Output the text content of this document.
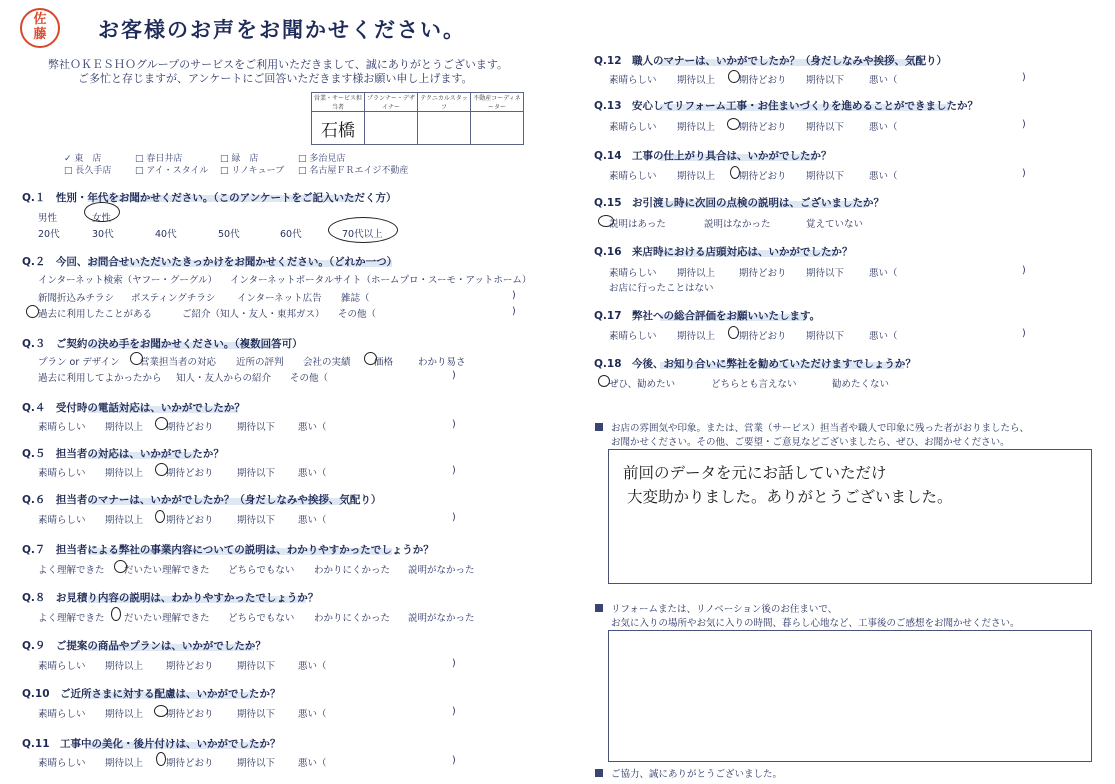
佐藤	お客様のお声をお聞かせください。
弊社ＯＫＥＳＨＯグループのサービスをご利用いただきまして、誠にありがとうございます。
ご多忙と存じますが、アンケートにご回答いただきます様お願い申し上げます。
営業・サービス担当者	プランナー・デザイナー	テクニカルスタッフ	不動産コーディネーター
石橋			
✓ 東　店	□ 春日井店	□ 緑　店	□ 多治見店
□ 長久手店	□ アイ・スタイル □ リノキューブ □ 名古屋ＦＲエイジ不動産
Q.１　性別・年代をお聞かせください。（このアンケートをご記入いただく方）
男性	女性
20代	30代	40代	50代	60代	70代以上
Q.２　今回、お問合せいただいたきっかけをお聞かせください。（どれか一つ）
インターネット検索（ヤフー・グーグル） インターネットポータルサイト（ホームプロ・スーモ・アットホーム）
新聞折込みチラシ ポスティングチラシ インターネット広告 雑誌（	)
過去に利用したことがある	ご紹介（知人・友人・東邦ガス） その他（	)
Q.３　ご契約の決め手をお聞かせください。（複数回答可）
プラン or デザイン 営業担当者の対応 近所の評判 会社の実績 価格	わかり易さ
過去に利用してよかったから 知人・友人からの紹介 その他（	)
Q.４　受付時の電話対応は、いかがでしたか？
素晴らしい 期待以上 期待どおり 期待以下 悪い（	)
Q.５　担当者の対応は、いかがでしたか？
素晴らしい 期待以上 期待どおり 期待以下 悪い（	)
Q.６　担当者のマナーは、いかがでしたか？（身だしなみや挨拶、気配り）
素晴らしい 期待以上 期待どおり 期待以下 悪い（	)
Q.７　担当者による弊社の事業内容についての説明は、わかりやすかったでしょうか？
よく理解できた だいたい理解できた どちらでもない わかりにくかった 説明がなかった
Q.８　お見積り内容の説明は、わかりやすかったでしょうか？
よく理解できた だいたい理解できた どちらでもない わかりにくかった 説明がなかった
Q.９　ご提案の商品やプランは、いかがでしたか？
素晴らしい 期待以上 期待どおり 期待以下 悪い（	)
Q.10　ご近所さまに対する配慮は、いかがでしたか？
素晴らしい 期待以上 期待どおり 期待以下 悪い（	)
Q.11　工事中の美化・後片付けは、いかがでしたか？
素晴らしい 期待以上 期待どおり 期待以下 悪い（	)
Q.12　職人のマナーは、いかがでしたか？（身だしなみや挨拶、気配り）
素晴らしい 期待以上	期待どおり 期待以下	悪い（	)
Q.13　安心してリフォーム工事・お住まいづくりを進めることができましたか？
素晴らしい 期待以上	期待どおり 期待以下	悪い（	)
Q.14　工事の仕上がり具合は、いかがでしたか？
素晴らしい 期待以上	期待どおり 期待以下	悪い（	)
Q.15　お引渡し時に次回の点検の説明は、ございましたか？
説明はあった	説明はなかった	覚えていない
Q.16　来店時における店頭対応は、いかがでしたか？
素晴らしい 期待以上	期待どおり 期待以下	悪い（	)
お店に行ったことはない
Q.17　弊社への総合評価をお願いいたします。
素晴らしい 期待以上	期待どおり 期待以下	悪い（	)
Q.18　今後、お知り合いに弊社を勧めていただけますでしょうか？
ぜひ、勧めたい	どちらとも言えない	勧めたくない
お店の雰囲気や印象。または、営業（サービス）担当者や職人で印象に残った者がおりましたら、
お聞かせください。その他、ご要望・ご意見などございましたら、ぜひ、お聞かせください。
前回のデータを元にお話していただけ
大変助かりました。ありがとうございました。
リフォームまたは、リノベーション後のお住まいで、
お気に入りの場所やお気に入りの時間、暮らし心地など、工事後のご感想をお聞かせください。
ご協力、誠にありがとうございました。
